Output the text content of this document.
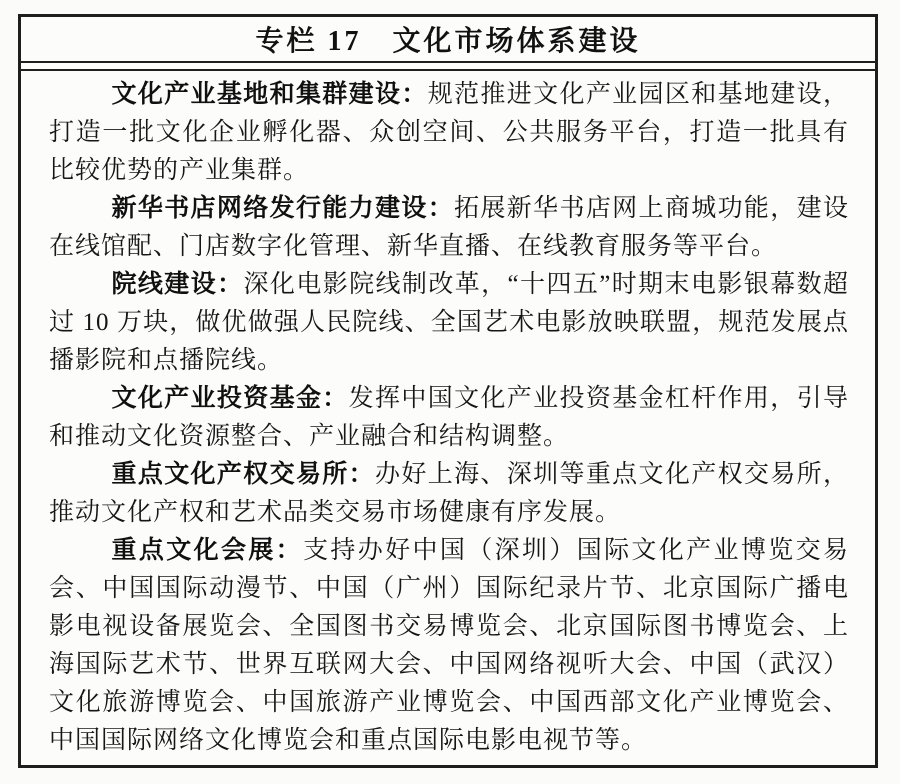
专栏 17　文化市场体系建设

文化产业基地和集群建设：规范推进文化产业园区和基地建设，打造一批文化企业孵化器、众创空间、公共服务平台，打造一批具有比较优势的产业集群。

新华书店网络发行能力建设：拓展新华书店网上商城功能，建设在线馆配、门店数字化管理、新华直播、在线教育服务等平台。

院线建设：深化电影院线制改革，“十四五”时期末电影银幕数超过 10 万块，做优做强人民院线、全国艺术电影放映联盟，规范发展点播影院和点播院线。

文化产业投资基金：发挥中国文化产业投资基金杠杆作用，引导和推动文化资源整合、产业融合和结构调整。

重点文化产权交易所：办好上海、深圳等重点文化产权交易所，推动文化产权和艺术品类交易市场健康有序发展。

重点文化会展：支持办好中国（深圳）国际文化产业博览交易会、中国国际动漫节、中国（广州）国际纪录片节、北京国际广播电影电视设备展览会、全国图书交易博览会、北京国际图书博览会、上海国际艺术节、世界互联网大会、中国网络视听大会、中国（武汉）文化旅游博览会、中国旅游产业博览会、中国西部文化产业博览会、中国国际网络文化博览会和重点国际电影电视节等。
